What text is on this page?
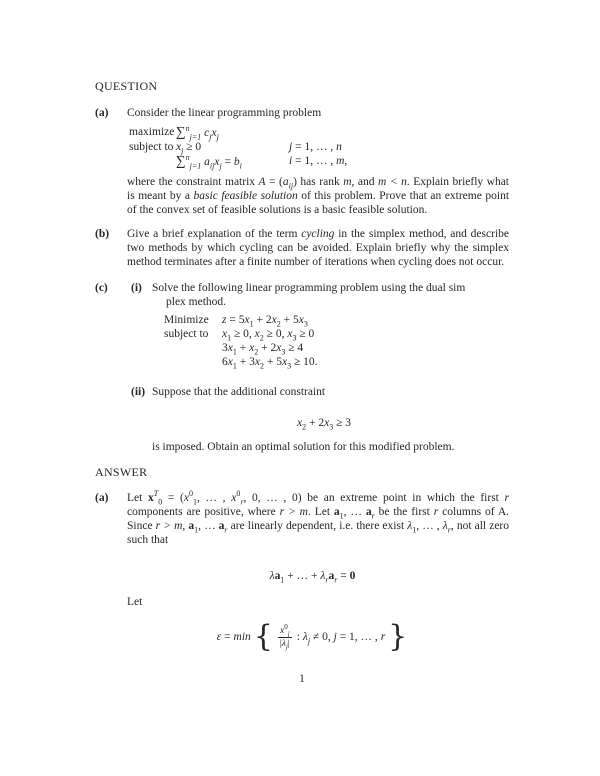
QUESTION
(a)	Consider the linear programming problem

maximize ∑$^n_{j=1}$ $c_jx_j$
subject to $x_j \ge 0$	j = 1, … , n
∑$^n_{j=1}$ $a_{ij}x_j = b_i$	i = 1, … , m,

where the constraint matrix $A = (a_{ij})$ has rank m, and m < n. Explain briefly what is meant by a basic feasible solution of this problem. Prove that an extreme point of the convex set of feasible solutions is a basic feasible solution.

(b)	Give a brief explanation of the term cycling in the simplex method, and describe two methods by which cycling can be avoided. Explain briefly why the simplex method terminates after a finite number of iterations when cycling does not occur.

(c)	(i) Solve the following linear programming problem using the dual sim
plex method.

Minimize	$z = 5x_1 + 2x_2 + 5x_3$
subject to	$x_1 \ge 0$, $x_2 \ge 0$, $x_3 \ge 0$
$3x_1 + x_2 + 2x_3 \ge 4$
$6x_1 + 3x_2 + 5x_3 \ge 10$.
(ii) Suppose that the additional constraint

$x_2 + 2x_3 \ge 3$

is imposed. Obtain an optimal solution for this modified problem.

ANSWER
(a)	Let $x^T_0 = (x^0_1$, … , $x^0_r$, 0, … , 0) be an extreme point in which the first r components are positive, where r > m. Let $a_1$, … $a_r$ be the first r columns of A. Since r > m, $a_1$, … $a_r$ are linearly dependent, i.e. there exist $\lambda_1$, … , $\lambda_r$, not all zero such that

$\lambda a_1$ + … + $\lambda_ra_r = 0$

Let

ε = min { $\frac{x^0_j}{|\lambda_j|}$ : $\lambda_j \ne 0$, j = 1, … , r }
1
